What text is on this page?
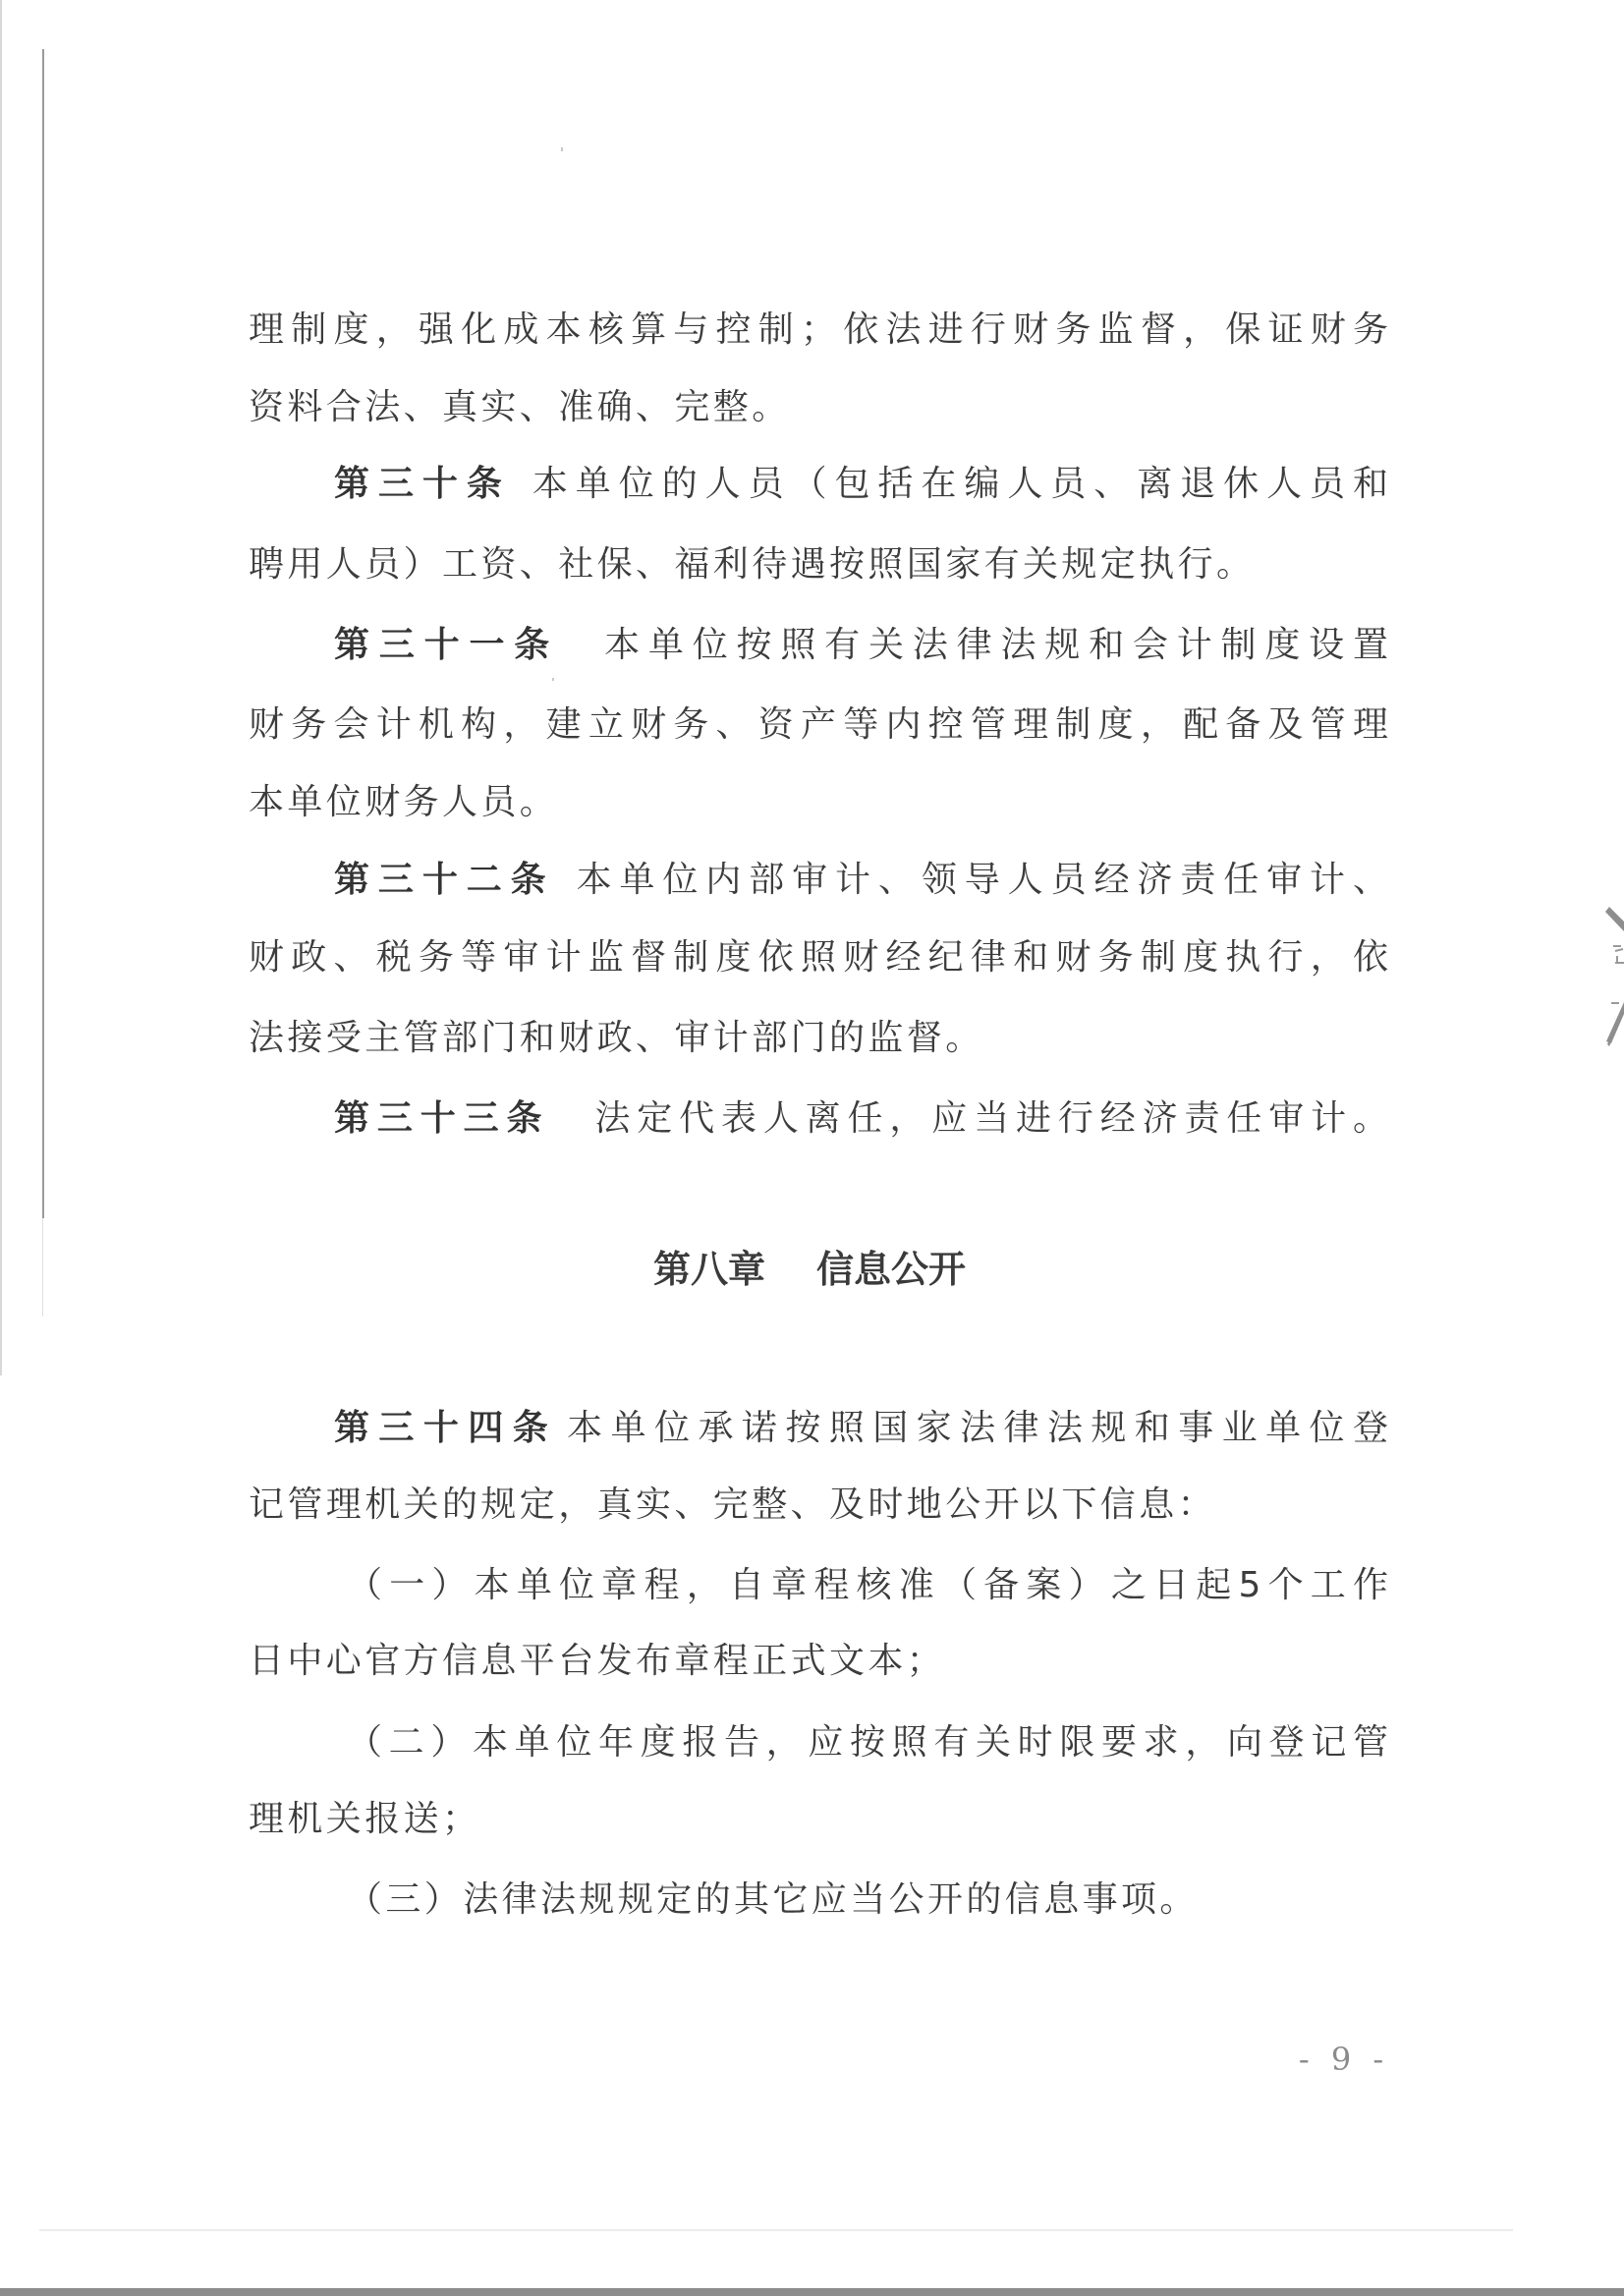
理制度，强化成本核算与控制；依法进行财务监督，保证财务
资料合法、真实、准确、完整。
第三十条 本单位的人员（包括在编人员、离退休人员和
聘用人员）工资、社保、福利待遇按照国家有关规定执行。
第三十一条 本单位按照有关法律法规和会计制度设置
财务会计机构，建立财务、资产等内控管理制度，配备及管理
本单位财务人员。
第三十二条 本单位内部审计、领导人员经济责任审计、
财政、税务等审计监督制度依照财经纪律和财务制度执行，依
法接受主管部门和财政、审计部门的监督。
第三十三条 法定代表人离任，应当进行经济责任审计。
第八章 信息公开
第三十四条 本单位承诺按照国家法律法规和事业单位登
记管理机关的规定，真实、完整、及时地公开以下信息：
（一）本单位章程，自章程核准（备案）之日起5个工作
日中心官方信息平台发布章程正式文本；
（二）本单位年度报告，应按照有关时限要求，向登记管
理机关报送；
（三）法律法规规定的其它应当公开的信息事项。
- 9 -
